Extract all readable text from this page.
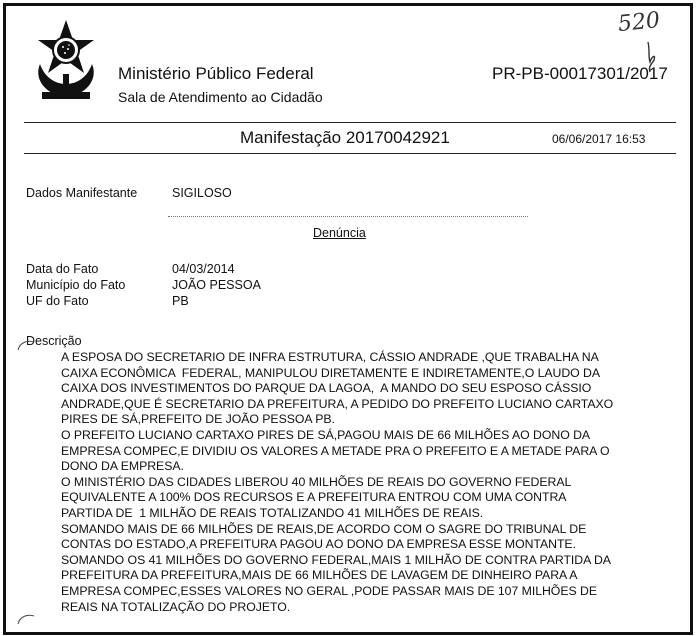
Ministério Público Federal
Sala de Atendimento ao Cidadão
PR-PB-00017301/2017
520
Manifestação 20170042921	06/06/2017 16:53
Dados Manifestante	SIGILOSO
Denúncia
Data do Fato	04/03/2014
Município do Fato	JOÃO PESSOA
UF do Fato	PB
Descrição
A ESPOSA DO SECRETARIO DE INFRA ESTRUTURA, CÁSSIO ANDRADE ,QUE TRABALHA NA
CAIXA ECONÔMICA  FEDERAL, MANIPULOU DIRETAMENTE E INDIRETAMENTE,O LAUDO DA
CAIXA DOS INVESTIMENTOS DO PARQUE DA LAGOA,  A MANDO DO SEU ESPOSO CÁSSIO
ANDRADE,QUE É SECRETARIO DA PREFEITURA, A PEDIDO DO PREFEITO LUCIANO CARTAXO
PIRES DE SÁ,PREFEITO DE JOÃO PESSOA PB.
O PREFEITO LUCIANO CARTAXO PIRES DE SÁ,PAGOU MAIS DE 66 MILHÕES AO DONO DA
EMPRESA COMPEC,E DIVIDIU OS VALORES A METADE PRA O PREFEITO E A METADE PARA O
DONO DA EMPRESA.
O MINISTÉRIO DAS CIDADES LIBEROU 40 MILHÕES DE REAIS DO GOVERNO FEDERAL
EQUIVALENTE A 100% DOS RECURSOS E A PREFEITURA ENTROU COM UMA CONTRA
PARTIDA DE  1 MILHÃO DE REAIS TOTALIZANDO 41 MILHÕES DE REAIS.
SOMANDO MAIS DE 66 MILHÕES DE REAIS,DE ACORDO COM O SAGRE DO TRIBUNAL DE
CONTAS DO ESTADO,A PREFEITURA PAGOU AO DONO DA EMPRESA ESSE MONTANTE.
SOMANDO OS 41 MILHÕES DO GOVERNO FEDERAL,MAIS 1 MILHÃO DE CONTRA PARTIDA DA
PREFEITURA DA PREFEITURA,MAIS DE 66 MILHÕES DE LAVAGEM DE DINHEIRO PARA A
EMPRESA COMPEC,ESSES VALORES NO GERAL ,PODE PASSAR MAIS DE 107 MILHÕES DE
REAIS NA TOTALIZAÇÃO DO PROJETO.
